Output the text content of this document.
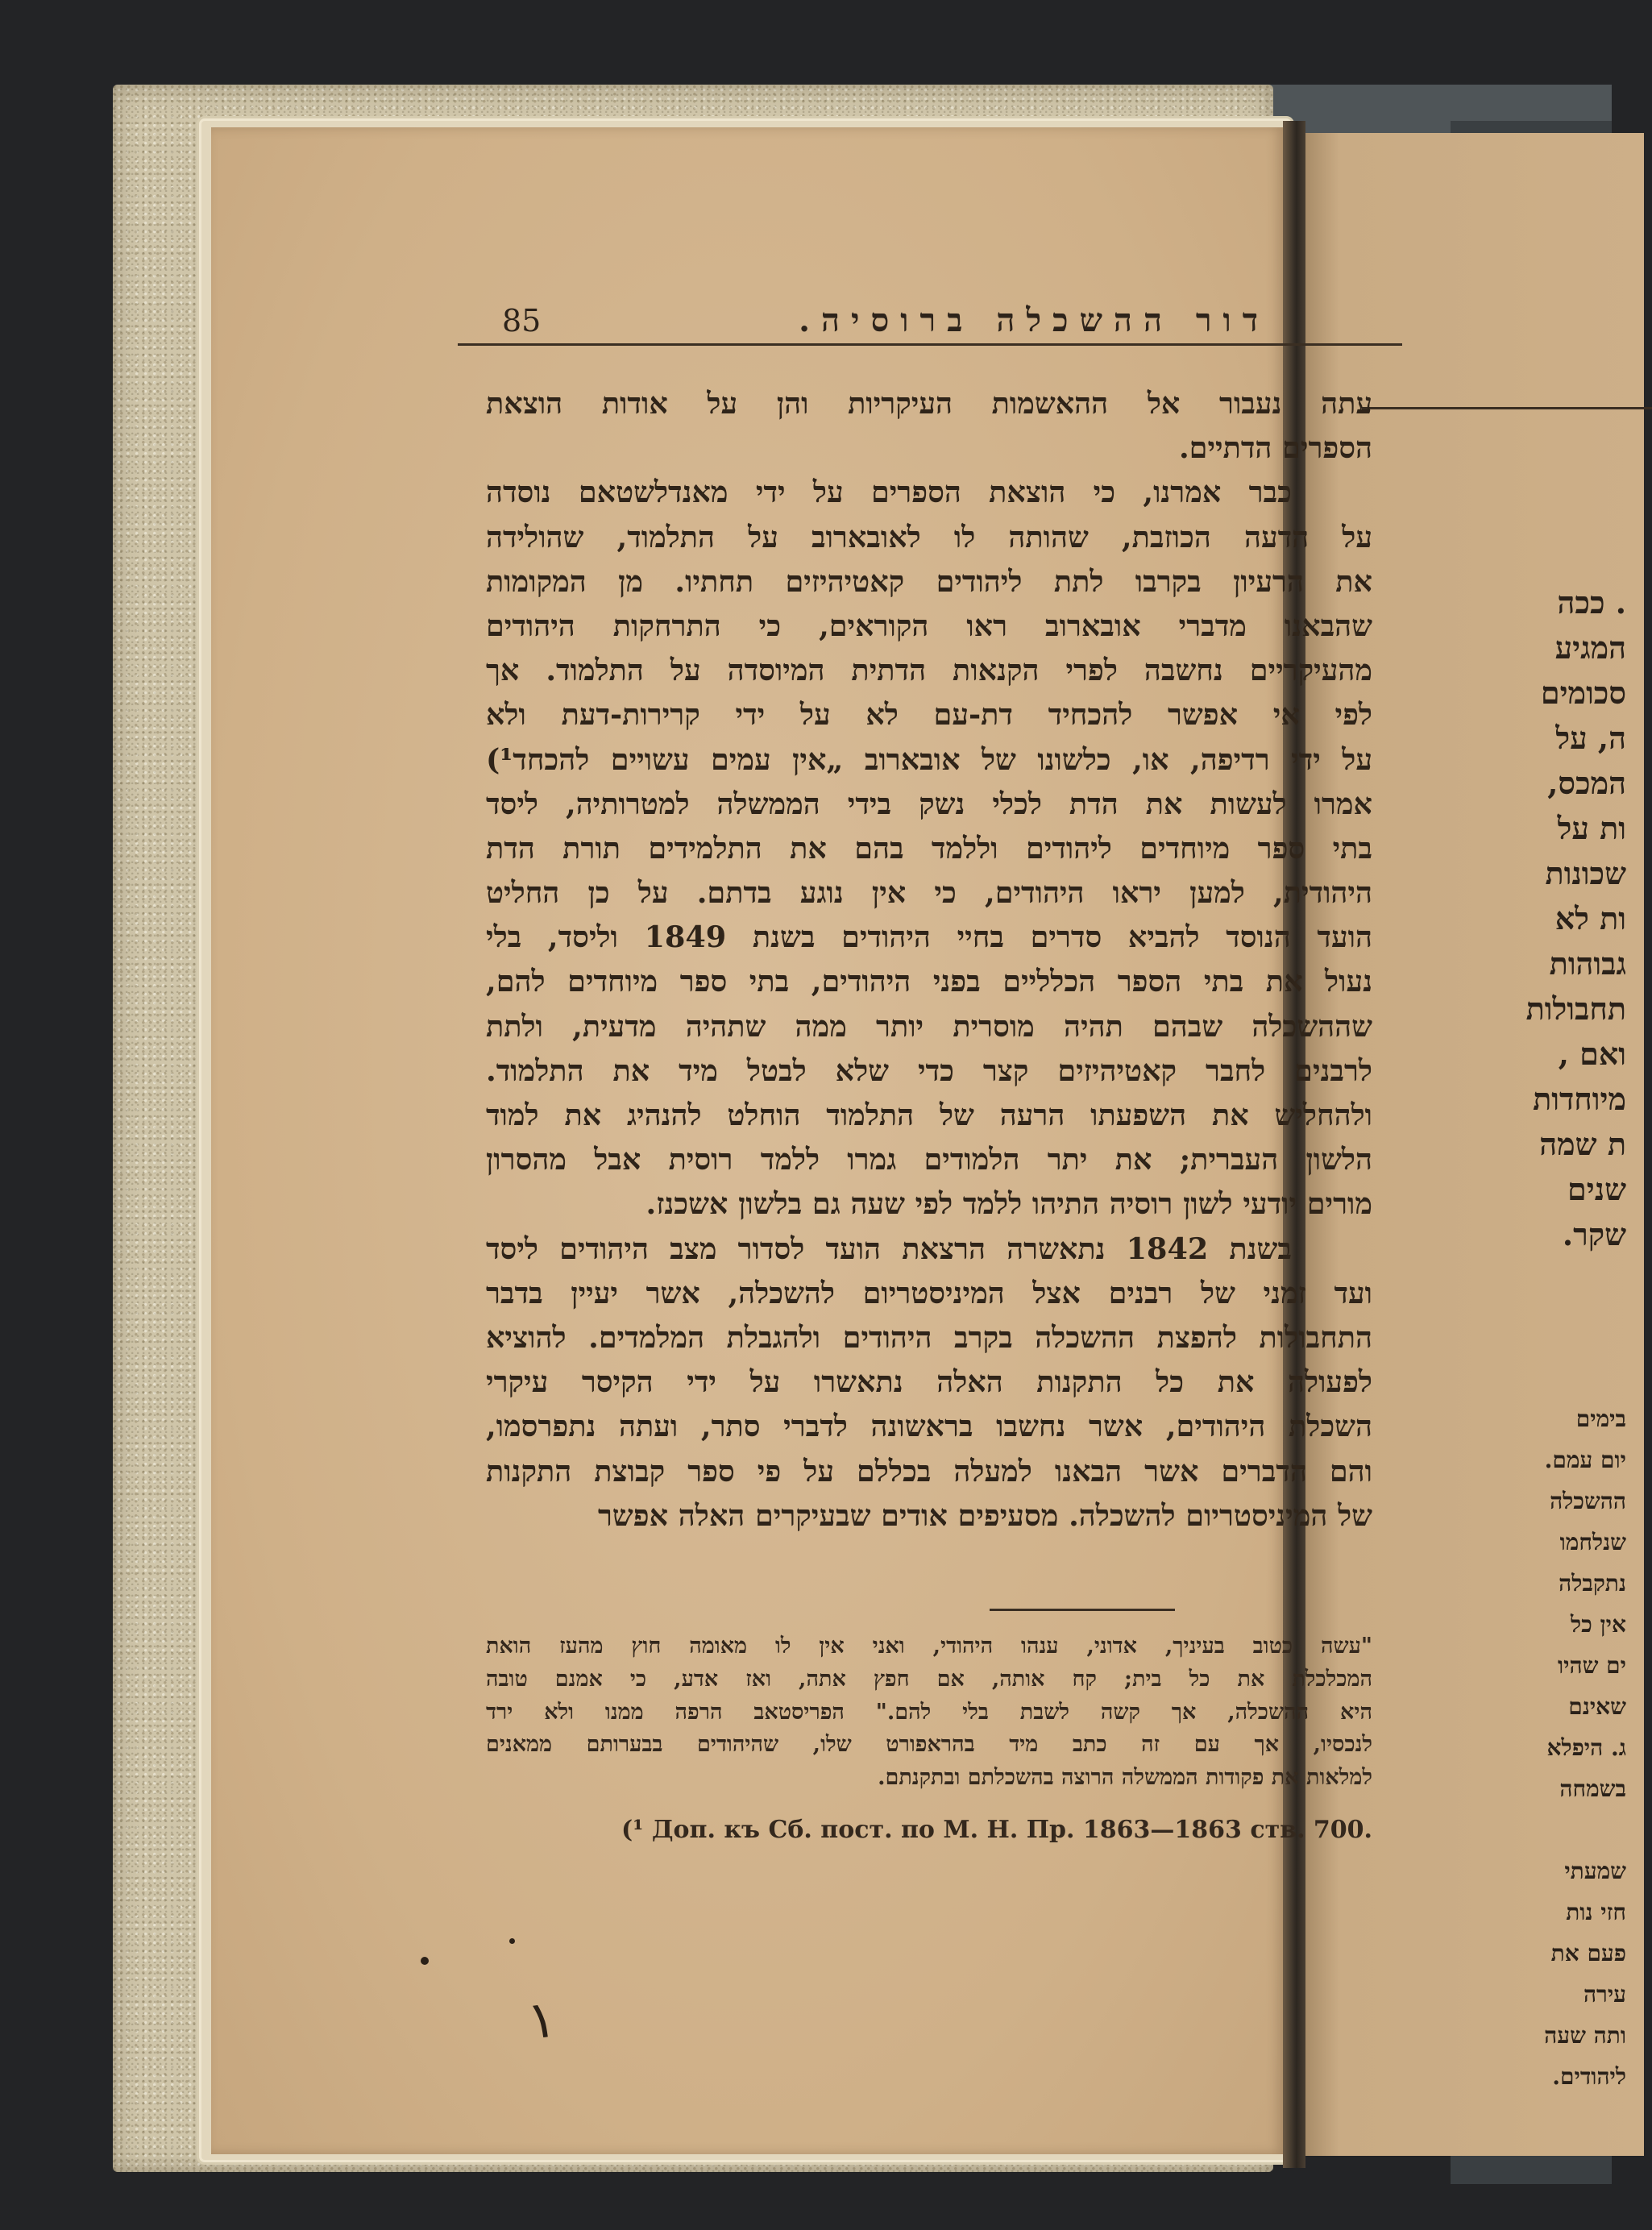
. ככה
המגיע
סכומים
ה, על
המכס,
ות על
שכונות
ות לא
גבוהות
תחבולות
ואם ,
מיוחדות
ת שמה
שנים
שקר.
בימים
יום עמם.
ההשכלה
שנלחמו
נתקבלה
אין כל
ים שהיו
שאינם
ג. היפלא
בשמחה
שמעתי
חזי נות
פעם את
עירה
ותה שעה
ליהודים.
85	דור ההשכלה ברוסיה.
עתה נעבור אל ההאשמות העיקריות והן על אודות הוצאת
הספרים הדתיים.
כבר אמרנו, כי הוצאת הספרים על ידי מאנדלשטאם נוסדה
על הדעה הכוזבת, שהותה לו לאובארוב על התלמוד, שהולידה
את הרעיון בקרבו לתת ליהודים קאטיהיזים תחתיו. מן המקומות
שהבאנו מדברי אובארוב ראו הקוראים, כי התרחקות היהודים
מהעיקריים נחשבה לפרי הקנאות הדתית המיוסדה על התלמוד. אך
לפי אי אפשר להכחיד דת-עם לא על ידי קרירות-דעת ולא
על ידי רדיפה, או, כלשונו של אובארוב „אין עמים עשויים להכחד¹)
אמרו לעשות את הדת לכלי נשק בידי הממשלה למטרותיה, ליסד
בתי ספר מיוחדים ליהודים וללמד בהם את התלמידים תורת הדת
היהודית, למען יראו היהודים, כי אין נוגע בדתם. על כן החליט
הועד הנוסד להביא סדרים בחיי היהודים בשנת 1849 וליסד, בלי
נעול את בתי הספר הכלליים בפני היהודים, בתי ספר מיוחדים להם,
שההשכלה שבהם תהיה מוסרית יותר ממה שתהיה מדעית, ולתת
לרבנים לחבר קאטיהיזים קצר כדי שלא לבטל מיד את התלמוד.
ולהחליש את השפעתו הרעה של התלמוד הוחלט להנהיג את למוד
הלשון העברית; את יתר הלמודים גמרו ללמד רוסית אבל מהסרון
מורים יודעי לשון רוסיה התיהו ללמד לפי שעה גם בלשון אשכנז.
בשנת 1842 נתאשרה הרצאת הועד לסדור מצב היהודים ליסד
ועד זמני של רבנים אצל המיניסטריום להשכלה, אשר יעיין בדבר
התחבולות להפצת ההשכלה בקרב היהודים ולהגבלת המלמדים. להוציא
לפעולה את כל התקנות האלה נתאשרו על ידי הקיסר עיקרי
השכלת היהודים, אשר נחשבו בראשונה לדברי סתר, ועתה נתפרסמו,
והם הדברים אשר הבאנו למעלה בכללם על פי ספר קבוצת התקנות
של המיניסטריום להשכלה. מסעיפים אודים שבעיקרים האלה אפשר
"עשה כטוב בעיניך, אדוני, ענהו היהודי, ואני אין לו מאומה חוץ מהעז הואת
המכלכלת את כל בית; קח אותה, אם חפץ אתה, ואז אדע, כי אמנם טובה
היא ההשכלה, אך קשה לשבת בלי להם." הפריסטאב הרפה ממנו ולא ירד
לנכסיו, אך עם זה כתב מיד בהראפורט שלו, שהיהודים בבערותם ממאנים
למלאות את פקודות הממשלה הרוצה בהשכלתם ובתקנתם.
(¹ Доп. къ Сб. пост. по М. Н. Пр. 1863—1863 ств. 700.
١
